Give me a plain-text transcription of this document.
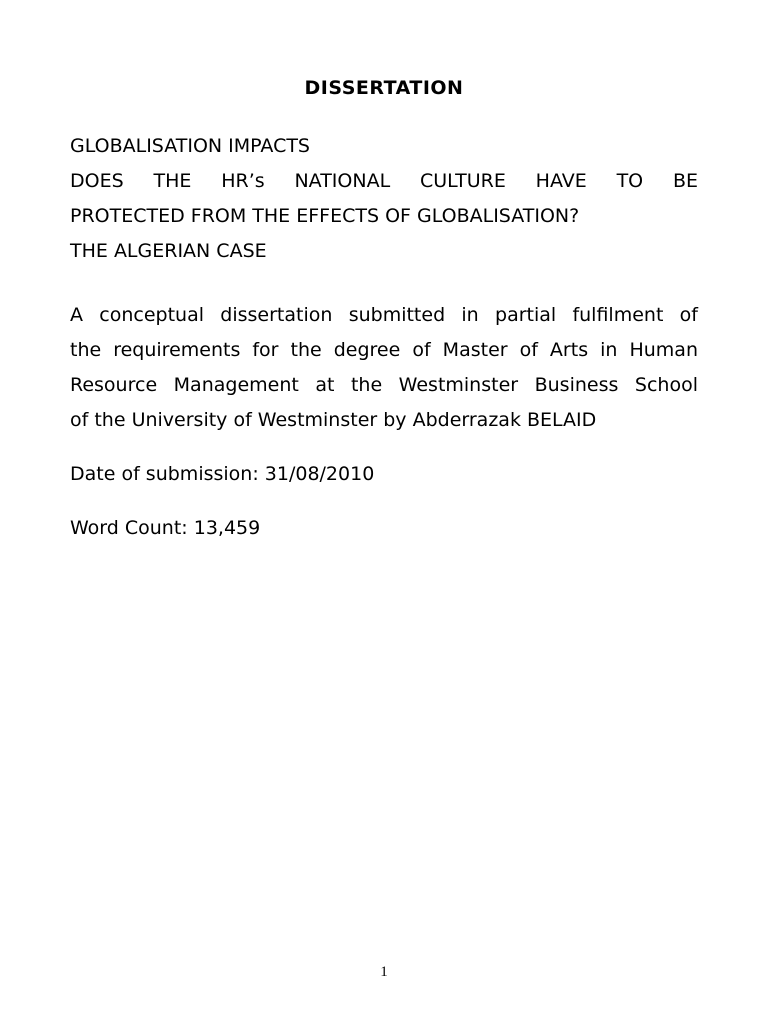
DISSERTATION
GLOBALISATION IMPACTS
DOES THE HR’s NATIONAL CULTURE HAVE TO BE
PROTECTED FROM THE EFFECTS OF GLOBALISATION?
THE ALGERIAN CASE
A conceptual dissertation submitted in partial fulfilment of
the requirements for the degree of Master of Arts in Human
Resource Management at the Westminster Business School
of the University of Westminster by Abderrazak BELAID
Date of submission: 31/08/2010
Word Count: 13,459
1
